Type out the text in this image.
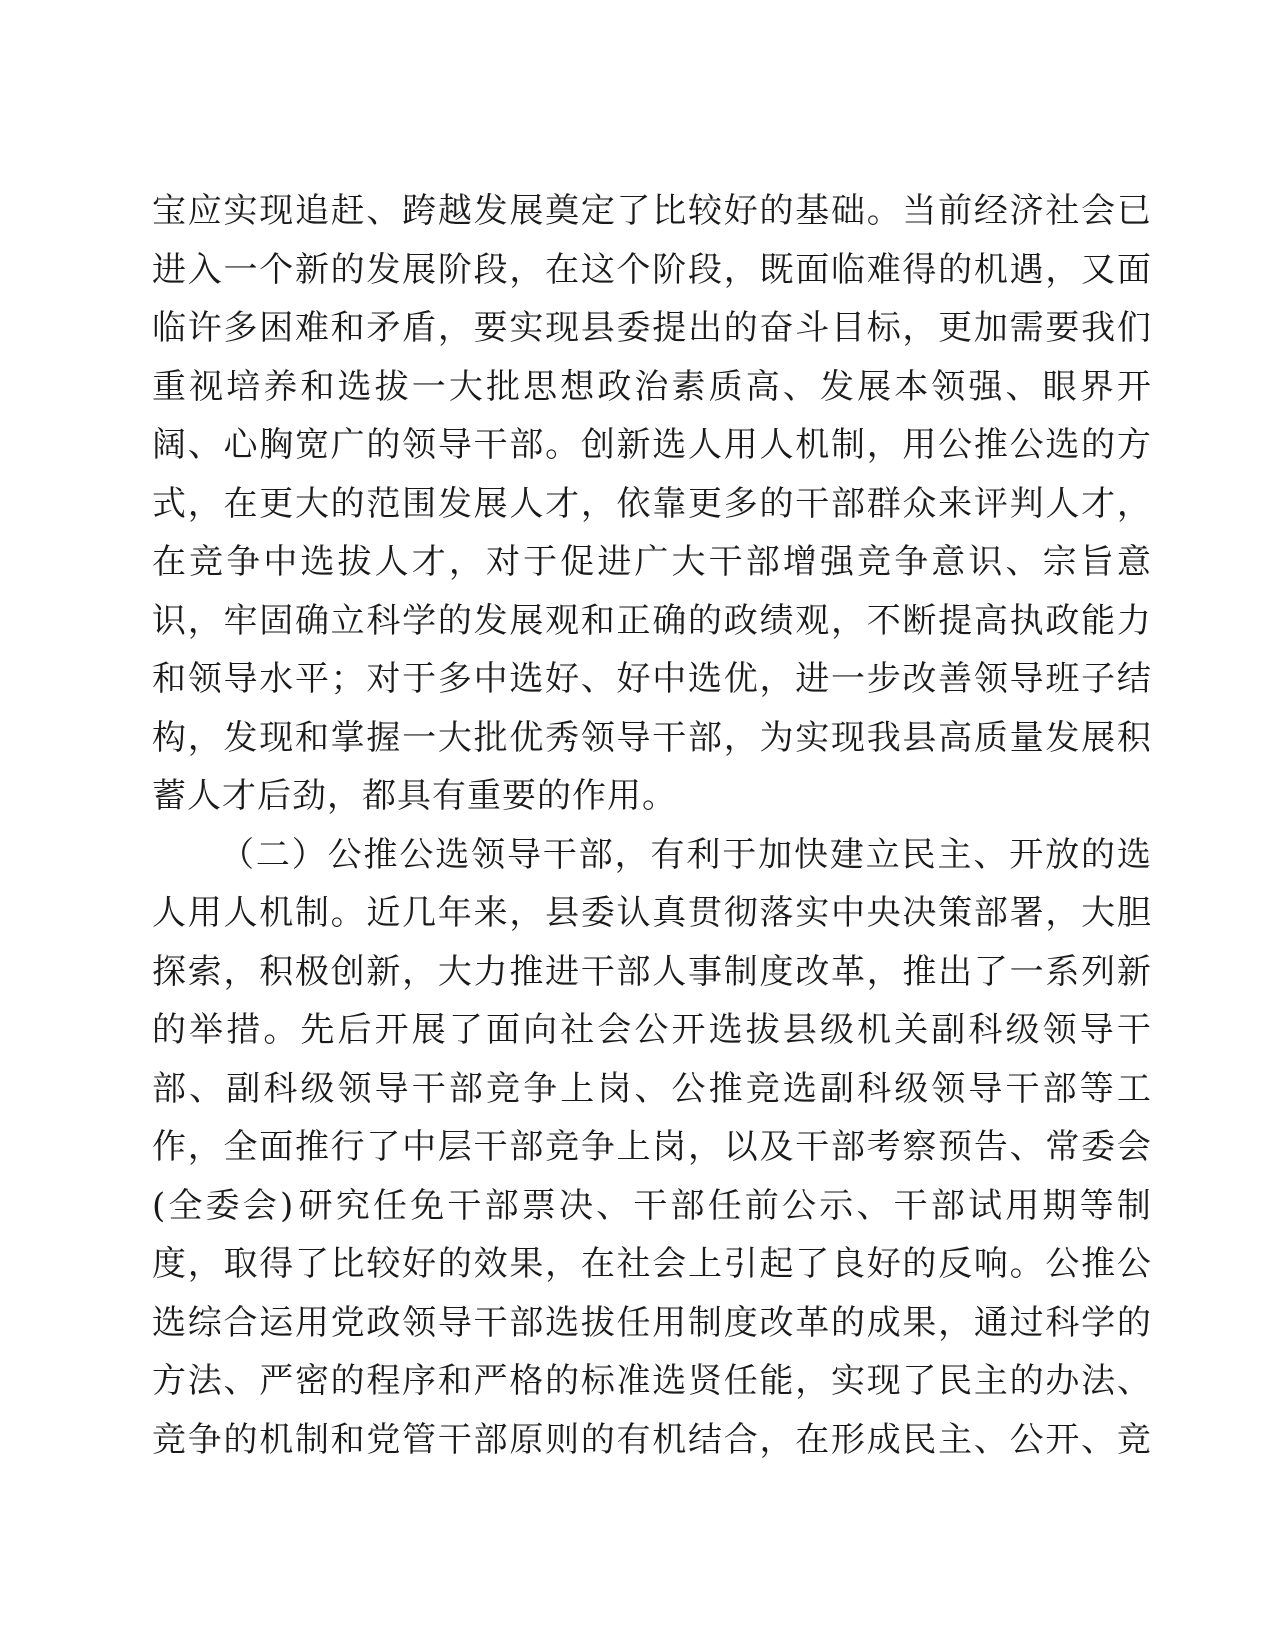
宝 应 实 现 追 赶 、 跨 越 发 展 奠 定 了 比 较 好 的 基 础 。 当 前 经 济 社 会 已
进 入 一 个 新 的 发 展 阶 段 ， 在 这 个 阶 段 ， 既 面 临 难 得 的 机 遇 ， 又 面
临 许 多 困 难 和 矛 盾 ， 要 实 现 县 委 提 出 的 奋 斗 目 标 ， 更 加 需 要 我 们
重 视 培 养 和 选 拔 一 大 批 思 想 政 治 素 质 高 、 发 展 本 领 强 、 眼 界 开
阔 、 心 胸 宽 广 的 领 导 干 部 。 创 新 选 人 用 人 机 制 ， 用 公 推 公 选 的 方
式 ， 在 更 大 的 范 围 发 展 人 才 ， 依 靠 更 多 的 干 部 群 众 来 评 判 人 才 ，
在 竞 争 中 选 拔 人 才 ， 对 于 促 进 广 大 干 部 增 强 竞 争 意 识 、 宗 旨 意
识 ， 牢 固 确 立 科 学 的 发 展 观 和 正 确 的 政 绩 观 ， 不 断 提 高 执 政 能 力
和 领 导 水 平 ； 对 于 多 中 选 好 、 好 中 选 优 ， 进 一 步 改 善 领 导 班 子 结
构 ， 发 现 和 掌 握 一 大 批 优 秀 领 导 干 部 ， 为 实 现 我 县 高 质 量 发 展 积
蓄人才后劲，都具有重要的作用。
（ 二 ） 公 推 公 选 领 导 干 部 ， 有 利 于 加 快 建 立 民 主 、 开 放 的 选
人 用 人 机 制 。 近 几 年 来 ， 县 委 认 真 贯 彻 落 实 中 央 决 策 部 署 ， 大 胆
探 索 ， 积 极 创 新 ， 大 力 推 进 干 部 人 事 制 度 改 革 ， 推 出 了 一 系 列 新
的 举 措 。 先 后 开 展 了 面 向 社 会 公 开 选 拔 县 级 机 关 副 科 级 领 导 干
部 、 副 科 级 领 导 干 部 竞 争 上 岗 、 公 推 竞 选 副 科 级 领 导 干 部 等 工
作 ， 全 面 推 行 了 中 层 干 部 竞 争 上 岗 ， 以 及 干 部 考 察 预 告 、 常 委 会
( 全 委 会 ) 研 究 任 免 干 部 票 决 、 干 部 任 前 公 示 、 干 部 试 用 期 等 制
度 ， 取 得 了 比 较 好 的 效 果 ， 在 社 会 上 引 起 了 良 好 的 反 响 。 公 推 公
选 综 合 运 用 党 政 领 导 干 部 选 拔 任 用 制 度 改 革 的 成 果 ， 通 过 科 学 的
方 法 、 严 密 的 程 序 和 严 格 的 标 准 选 贤 任 能 ， 实 现 了 民 主 的 办 法 、
竞 争 的 机 制 和 党 管 干 部 原 则 的 有 机 结 合 ， 在 形 成 民 主 、 公 开 、 竞
